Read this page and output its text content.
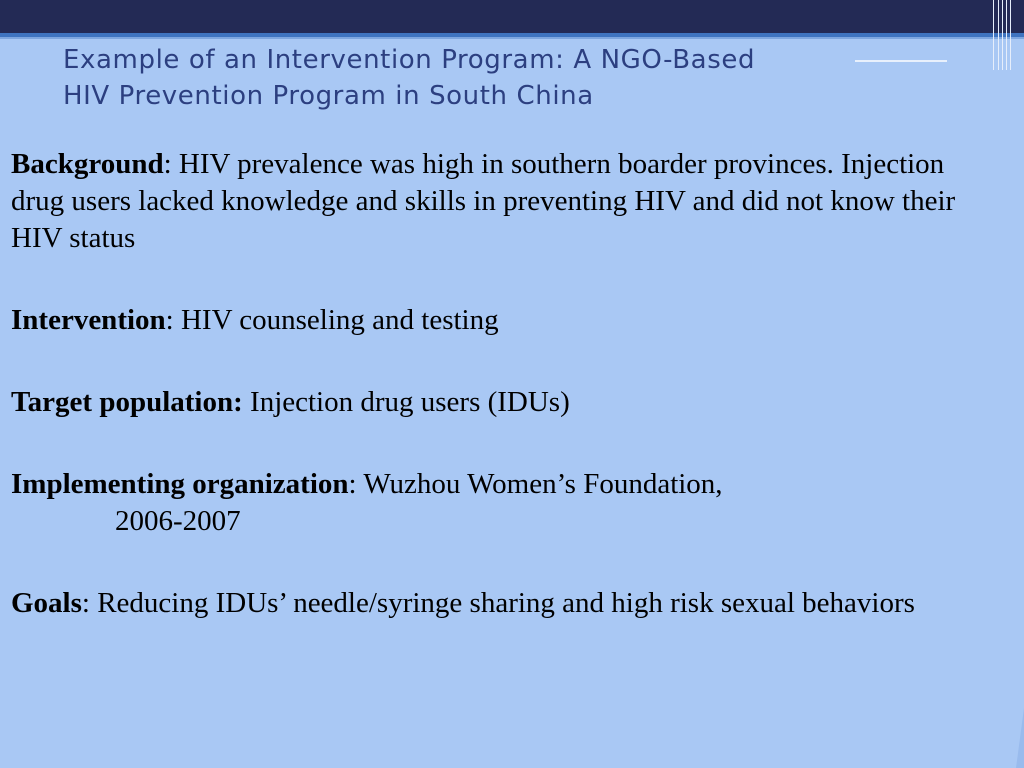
Example of an Intervention Program: A NGO-Based
HIV Prevention Program in South China

Background: HIV prevalence was high in southern boarder provinces. Injection drug users lacked knowledge and skills in preventing HIV and did not know their HIV status

Intervention: HIV counseling and testing

Target population: Injection drug users (IDUs)

Implementing organization: Wuzhou Women’s Foundation,
2006-2007

Goals: Reducing IDUs’ needle/syringe sharing and high risk sexual behaviors
